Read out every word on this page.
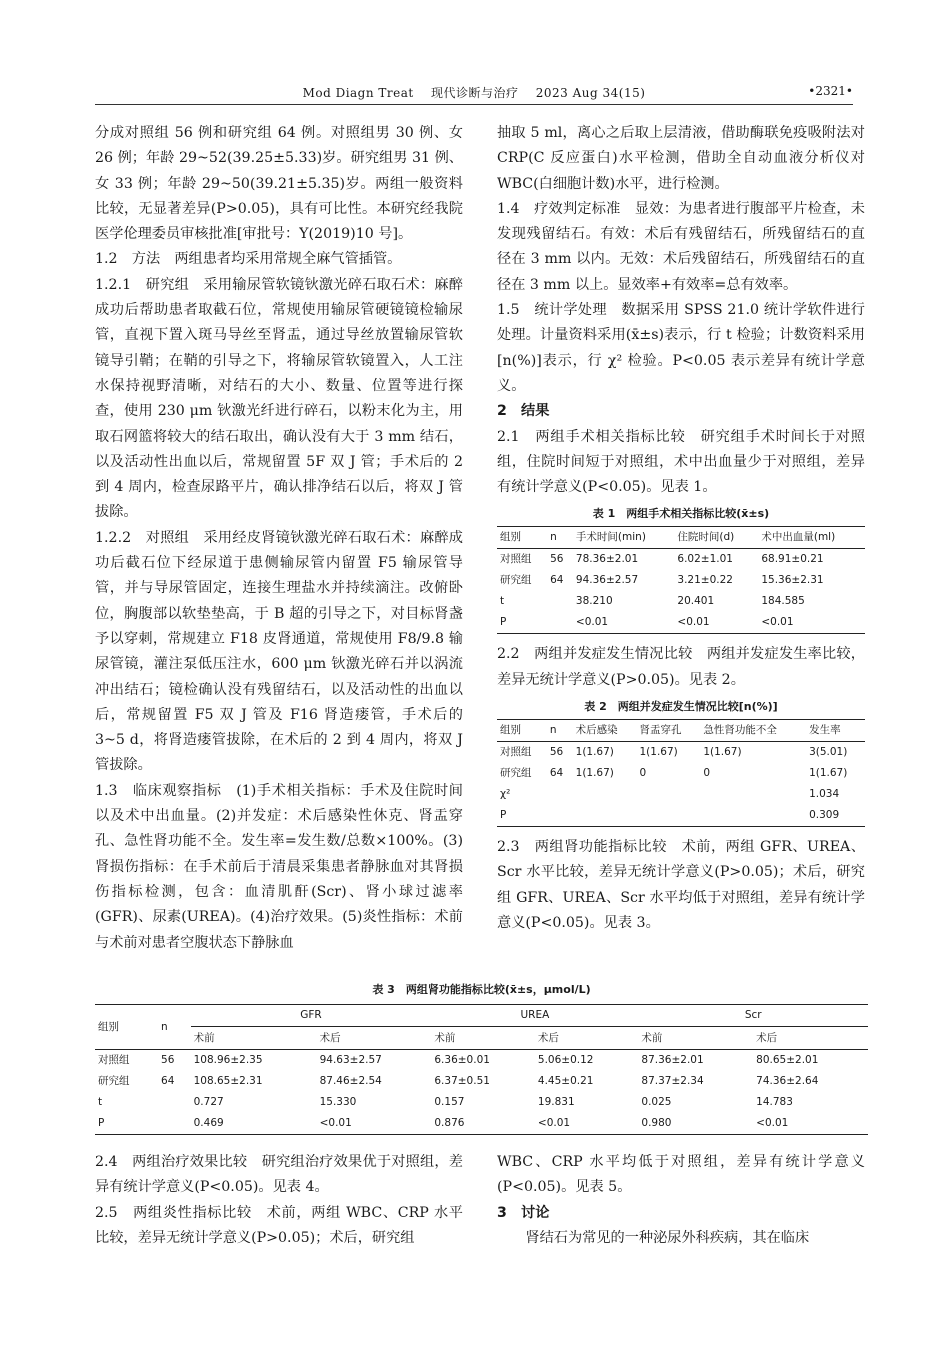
Mod Diagn Treat 现代诊断与治疗 2023 Aug 34(15)	•2321•

分成对照组 56 例和研究组 64 例。对照组男 30 例、女 26 例；年龄 29~52(39.25±5.33)岁。研究组男 31 例、女 33 例；年龄 29~50(39.21±5.35)岁。两组一般资料比较，无显著差异(P>0.05)，具有可比性。本研究经我院医学伦理委员审核批准[审批号：Y(2019)10 号]。

1.2　方法　两组患者均采用常规全麻气管插管。

1.2.1　研究组　采用输尿管软镜钬激光碎石取石术：麻醉成功后帮助患者取截石位，常规使用输尿管硬镜镜检输尿管，直视下置入斑马导丝至肾盂，通过导丝放置输尿管软镜导引鞘；在鞘的引导之下，将输尿管软镜置入，人工注水保持视野清晰，对结石的大小、数量、位置等进行探查，使用 230 μm 钬激光纤进行碎石，以粉末化为主，用取石网篮将较大的结石取出，确认没有大于 3 mm 结石，以及活动性出血以后，常规留置 5F 双 J 管；手术后的 2 到 4 周内，检查尿路平片，确认排净结石以后，将双 J 管拔除。

1.2.2　对照组　采用经皮肾镜钬激光碎石取石术：麻醉成功后截石位下经尿道于患侧输尿管内留置 F5 输尿管导管，并与导尿管固定，连接生理盐水并持续滴注。改俯卧位，胸腹部以软垫垫高，于 B 超的引导之下，对目标肾盏予以穿刺，常规建立 F18 皮肾通道，常规使用 F8/9.8 输尿管镜，灌注泵低压注水，600 μm 钬激光碎石并以涡流冲出结石；镜检确认没有残留结石，以及活动性的出血以后，常规留置 F5 双 J 管及 F16 肾造瘘管，手术后的 3~5 d，将肾造瘘管拔除，在术后的 2 到 4 周内，将双 J 管拔除。

1.3　临床观察指标　(1)手术相关指标：手术及住院时间以及术中出血量。(2)并发症：术后感染性休克、肾盂穿孔、急性肾功能不全。发生率=发生数/总数×100%。(3)肾损伤指标：在手术前后于清晨采集患者静脉血对其肾损伤指标检测，包含：血清肌酐(Scr)、肾小球过滤率(GFR)、尿素(UREA)。(4)治疗效果。(5)炎性指标：术前与术前对患者空腹状态下静脉血

抽取 5 ml，离心之后取上层清液，借助酶联免疫吸附法对 CRP(C 反应蛋白)水平检测，借助全自动血液分析仪对 WBC(白细胞计数)水平，进行检测。

1.4　疗效判定标准　显效：为患者进行腹部平片检查，未发现残留结石。有效：术后有残留结石，所残留结石的直径在 3 mm 以内。无效：术后残留结石，所残留结石的直径在 3 mm 以上。显效率+有效率=总有效率。

1.5　统计学处理　数据采用 SPSS 21.0 统计学软件进行处理。计量资料采用(x̄±s)表示，行 t 检验；计数资料采用[n(%)]表示，行 χ² 检验。P<0.05 表示差异有统计学意义。

2　结果

2.1　两组手术相关指标比较　研究组手术时间长于对照组，住院时间短于对照组，术中出血量少于对照组，差异有统计学意义(P<0.05)。见表 1。

表 1　两组手术相关指标比较(x̄±s)
组别	n	手术时间(min)	住院时间(d)	术中出血量(ml)
对照组	56	78.36±2.01	6.02±1.01	68.91±0.21
研究组	64	94.36±2.57	3.21±0.22	15.36±2.31
t		38.210	20.401	184.585
P		<0.01	<0.01	<0.01

2.2　两组并发症发生情况比较　两组并发症发生率比较，差异无统计学意义(P>0.05)。见表 2。

表 2　两组并发症发生情况比较[n(%)]
组别	n	术后感染	肾盂穿孔	急性肾功能不全	发生率
对照组	56	1(1.67)	1(1.67)	1(1.67)	3(5.01)
研究组	64	1(1.67)	0	0	1(1.67)
χ²					1.034
P					0.309

2.3　两组肾功能指标比较　术前，两组 GFR、UREA、Scr 水平比较，差异无统计学意义(P>0.05)；术后，研究组 GFR、UREA、Scr 水平均低于对照组，差异有统计学意义(P<0.05)。见表 3。

表 3　两组肾功能指标比较(x̄±s，μmol/L)
组别	n	GFR		UREA		Scr	
		术前	术后	术前	术后	术前	术后
对照组	56	108.96±2.35	94.63±2.57	6.36±0.01	5.06±0.12	87.36±2.01	80.65±2.01
研究组	64	108.65±2.31	87.46±2.54	6.37±0.51	4.45±0.21	87.37±2.34	74.36±2.64
t		0.727	15.330	0.157	19.831	0.025	14.783
P		0.469	<0.01	0.876	<0.01	0.980	<0.01

2.4　两组治疗效果比较　研究组治疗效果优于对照组，差异有统计学意义(P<0.05)。见表 4。

2.5　两组炎性指标比较　术前，两组 WBC、CRP 水平比较，差异无统计学意义(P>0.05)；术后，研究组

WBC、CRP 水平均低于对照组，差异有统计学意义(P<0.05)。见表 5。

3　讨论

肾结石为常见的一种泌尿外科疾病，其在临床
